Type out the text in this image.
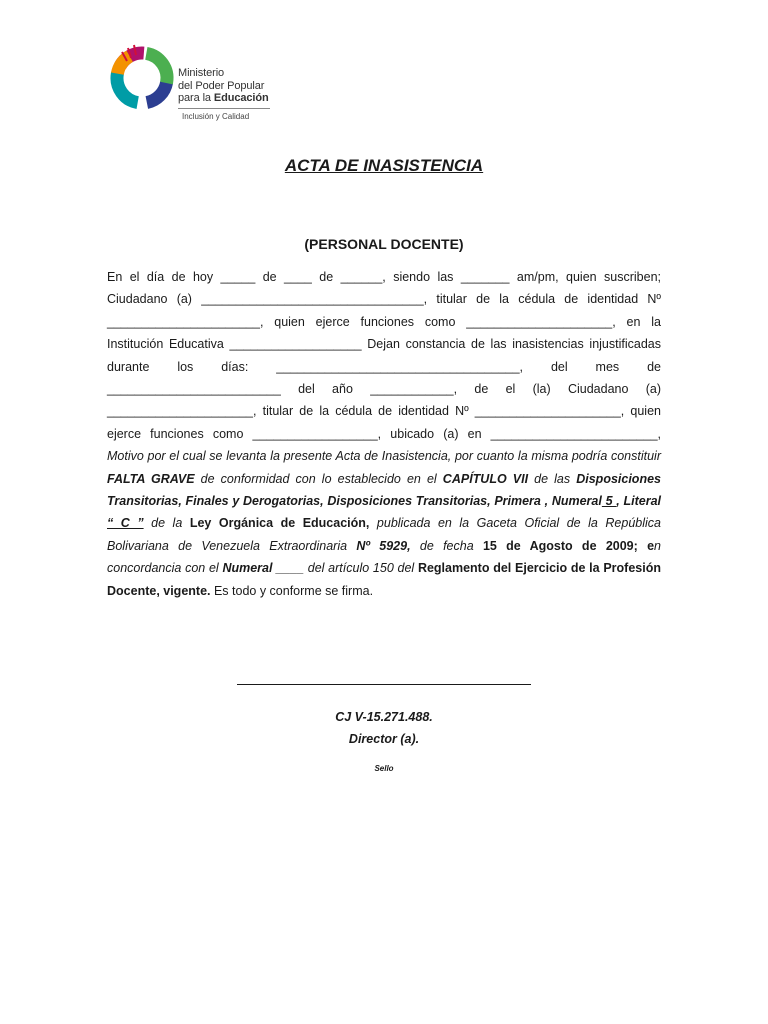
Ministerio
del Poder Popular
para la Educación
Inclusión y Calidad
ACTA DE INASISTENCIA
(PERSONAL DOCENTE)

En el día de hoy _____ de ____ de ______, siendo las _______ am/pm, quien suscriben; Ciudadano (a) ________________________________, titular de la cédula de identidad Nº ______________________, quien ejerce funciones como _____________________, en la Institución Educativa ___________________ Dejan constancia de las inasistencias injustificadas durante los días: ___________________________________, del mes de _________________________ del año ____________, de el (la) Ciudadano (a) _____________________, titular de la cédula de identidad Nº _____________________, quien ejerce funciones como __________________, ubicado (a) en ________________________,

Motivo por el cual se levanta la presente Acta de Inasistencia, por cuanto la misma podría constituir FALTA GRAVE de conformidad con lo establecido en el CAPÍTULO VII de las Disposiciones Transitorias, Finales y Derogatorias, Disposiciones Transitorias, Primera , Numeral 5 , Literal “ C ” de la Ley Orgánica de Educación, publicada en la Gaceta Oficial de la República Bolivariana de Venezuela Extraordinaria Nº 5929, de fecha 15 de Agosto de 2009; en concordancia con el Numeral ____ del artículo 150 del Reglamento del Ejercicio de la Profesión Docente, vigente. Es todo y conforme se firma.

CJ V-15.271.488.
Director (a).
Sello
